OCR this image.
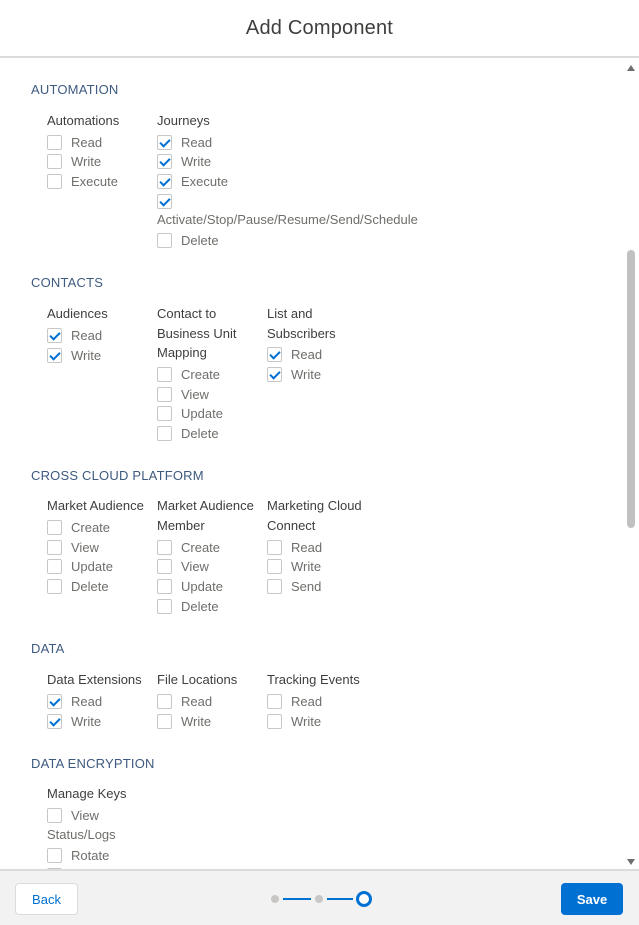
Add Component
AUTOMATION
Automations
Read
Write
Execute
Journeys
Read
Write
Execute
Activate/Stop/Pause/Resume/Send/Schedule
Delete
CONTACTS
Audiences
Read
Write
Contact to
Business Unit
Mapping
Create
View
Update
Delete
List and
Subscribers
Read
Write
CROSS CLOUD PLATFORM
Market Audience
Create
View
Update
Delete
Market Audience
Member
Create
View
Update
Delete
Marketing Cloud
Connect
Read
Write
Send
DATA
Data Extensions
Read
Write
File Locations
Read
Write
Tracking Events
Read
Write
DATA ENCRYPTION
Manage Keys
View
Status/Logs
Rotate
Back	Save
